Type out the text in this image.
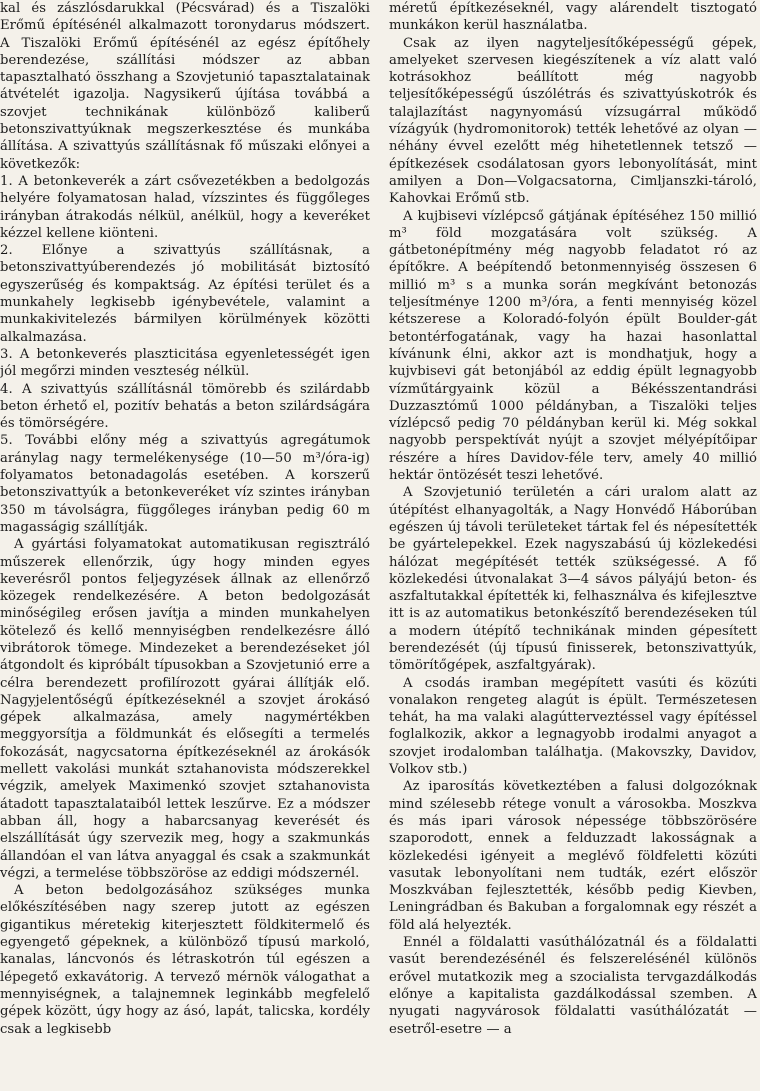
kal és zászlósdarukkal (Pécsvárad) és a Tiszalöki Erőmű építésénél alkalmazott toronydarus módszert. A Tiszalöki Erőmű építésénél az egész építőhely berendezése, szállítási módszer az abban tapasztalható összhang a Szovjetunió tapasztalatainak átvételét igazolja. Nagysikerű újítása továbbá a szovjet technikának különböző kaliberű betonszivattyúknak megszerkesztése és munkába állítása. A szivattyús szállításnak fő műszaki előnyei a következők:

1. A betonkeverék a zárt csővezetékben a bedolgozás helyére folyamatosan halad, vízszintes és függőleges irányban átrakodás nélkül, anélkül, hogy a keveréket kézzel kellene kiönteni.

2. Előnye a szivattyús szállításnak, a betonszivattyúberendezés jó mobilitását biztosító egyszerűség és kompaktság. Az építési terület és a munkahely legkisebb igénybevétele, valamint a munkakivitelezés bármilyen körülmények közötti alkalmazása.

3. A betonkeverés plaszticitása egyenletességét igen jól megőrzi minden veszteség nélkül.

4. A szivattyús szállításnál tömörebb és szilárdabb beton érhető el, pozitív behatás a beton szilárdságára és tömörségére.

5. További előny még a szivattyús agregátumok aránylag nagy termelékenysége (10—50 m³/óra-ig) folyamatos betonadagolás esetében. A korszerű betonszivattyúk a betonkeveréket víz szintes irányban 350 m távolságra, függőleges irányban pedig 60 m magasságig szállítják.

A gyártási folyamatokat automatikusan regisztráló műszerek ellenőrzik, úgy hogy minden egyes keverésről pontos feljegyzések állnak az ellenőrző közegek rendelkezésére. A beton bedolgozását minőségileg erősen javítja a minden munkahelyen kötelező és kellő mennyiségben rendelkezésre álló vibrátorok tömege. Mindezeket a berendezéseket jól átgondolt és kipróbált típusokban a Szovjetunió erre a célra berendezett profilírozott gyárai állítják elő. Nagyjelentőségű építkezéseknél a szovjet árokásó gépek alkalmazása, amely nagymértékben meggyorsítja a földmunkát és elősegíti a termelés fokozását, nagycsatorna építkezéseknél az árokásók mellett vakolási munkát sztahanovista módszerekkel végzik, amelyek Maximenkó szovjet sztahanovista átadott tapasztalataiból lettek leszűrve. Ez a módszer abban áll, hogy a habarcsanyag keverését és elszállítását úgy szervezik meg, hogy a szakmunkás állandóan el van látva anyaggal és csak a szakmunkát végzi, a termelése többszöröse az eddigi módszernél.

A beton bedolgozásához szükséges munka előkészítésében nagy szerep jutott az egészen gigantikus méretekig kiterjesztett földkitermelő és egyengető gépeknek, a különböző típusú markoló, kanalas, láncvonós és létraskotrón túl egészen a lépegető exkavátorig. A tervező mérnök válogathat a mennyiségnek, a talajnemnek leginkább megfelelő gépek között, úgy hogy az ásó, lapát, talicska, kordély csak a legkisebb

méretű építkezéseknél, vagy alárendelt tisztogató munkákon kerül használatba.

Csak az ilyen nagyteljesítőképességű gépek, amelyeket szervesen kiegészítenek a víz alatt való kotrásokhoz beállított még nagyobb teljesítőképességű úszólétrás és szivattyúskotrók és talajlazítást nagynyomású vízsugárral működő vízágyúk (hydromonitorok) tették lehetővé az olyan — néhány évvel ezelőtt még hihetetlennek tetsző — építkezések csodálatosan gyors lebonyolítását, mint amilyen a Don—Volgacsatorna, Cimljanszki-tároló, Kahovkai Erőmű stb.

A kujbisevi vízlépcső gátjának építéséhez 150 millió m³ föld mozgatására volt szükség. A gátbetonépítmény még nagyobb feladatot ró az építőkre. A beépítendő betonmennyiség összesen 6 millió m³ s a munka során megkívánt betonozás teljesítménye 1200 m³/óra, a fenti mennyiség közel kétszerese a Koloradó-folyón épült Boulder-gát betontérfogatának, vagy ha hazai hasonlattal kívánunk élni, akkor azt is mondhatjuk, hogy a kujvbisevi gát betonjából az eddig épült legnagyobb vízműtárgyaink közül a Békésszentandrási Duzzasztómű 1000 példányban, a Tiszalöki teljes vízlépcső pedig 70 példányban kerül ki. Még sokkal nagyobb perspektívát nyújt a szovjet mélyépítőipar részére a híres Davidov-féle terv, amely 40 millió hektár öntözését teszi lehetővé.

A Szovjetunió területén a cári uralom alatt az útépítést elhanyagolták, a Nagy Honvédő Háborúban egészen új távoli területeket tártak fel és népesítették be gyártelepekkel. Ezek nagyszabású új közlekedési hálózat megépítését tették szükségessé. A fő közlekedési útvonalakat 3—4 sávos pályájú beton- és aszfaltutakkal építették ki, felhasználva és kifejlesztve itt is az automatikus betonkészítő berendezéseken túl a modern útépítő technikának minden gépesített berendezését (új típusú finisserek, betonszivattyúk, tömörítőgépek, aszfaltgyárak).

A csodás iramban megépített vasúti és közúti vonalakon rengeteg alagút is épült. Természetesen tehát, ha ma valaki alagútterveztéssel vagy építéssel foglalkozik, akkor a legnagyobb irodalmi anyagot a szovjet irodalomban találhatja. (Makovszky, Davidov, Volkov stb.)

Az iparosítás következtében a falusi dolgozóknak mind szélesebb rétege vonult a városokba. Moszkva és más ipari városok népessége többszörösére szaporodott, ennek a felduzzadt lakosságnak a közlekedési igényeit a meglévő földfeletti közúti vasutak lebonyolítani nem tudták, ezért először Moszkvában fejlesztették, később pedig Kievben, Leningrádban és Bakuban a forgalomnak egy részét a föld alá helyezték.

Ennél a földalatti vasúthálózatnál és a földalatti vasút berendezésénél és felszerelésénél különös erővel mutatkozik meg a szocialista tervgazdálkodás előnye a kapitalista gazdálkodással szemben. A nyugati nagyvárosok földalatti vasúthálózatát — esetről-esetre — a
